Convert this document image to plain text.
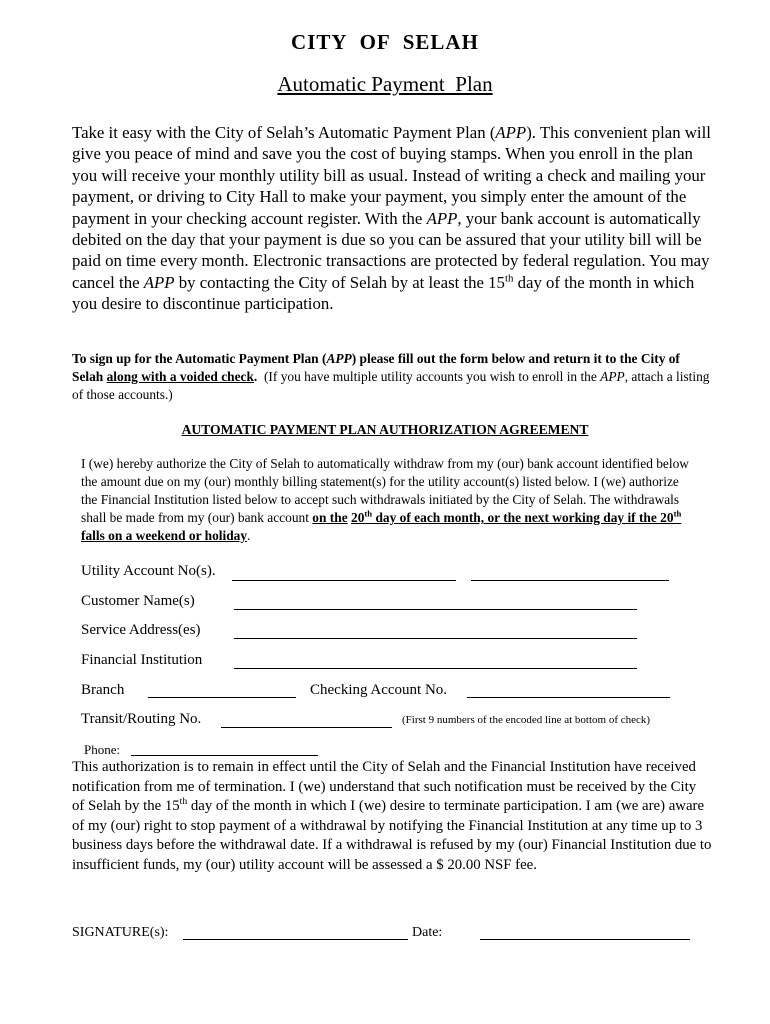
CITY OF SELAH
Automatic Payment  Plan
Take it easy with the City of Selah’s Automatic Payment Plan (APP). This convenient plan will give you peace of mind and save you the cost of buying stamps. When you enroll in the plan you will receive your monthly utility bill as usual. Instead of writing a check and mailing your payment, or driving to City Hall to make your payment, you simply enter the amount of the payment in your checking account register. With the APP, your bank account is automatically debited on the day that your payment is due so you can be assured that your utility bill will be paid on time every month. Electronic transactions are protected by federal regulation. You may cancel the APP by contacting the City of Selah by at least the 15th day of the month in which you desire to discontinue participation.
To sign up for the Automatic Payment Plan (APP) please fill out the form below and return it to the City of Selah along with a voided check.  (If you have multiple utility accounts you wish to enroll in the APP, attach a listing of those accounts.)
AUTOMATIC PAYMENT PLAN AUTHORIZATION AGREEMENT
I (we) hereby authorize the City of Selah to automatically withdraw from my (our) bank account identified below the amount due on my (our) monthly billing statement(s) for the utility account(s) listed below. I (we) authorize the Financial Institution listed below to accept such withdrawals initiated by the City of Selah. The withdrawals shall be made from my (our) bank account on the 20th day of each month, or the next working day if the 20th falls on a weekend or holiday.
Utility Account No(s).
Customer Name(s)
Service Address(es)
Financial Institution
Branch	Checking Account No.
Transit/Routing No.	(First 9 numbers of the encoded line at bottom of check)
Phone:
This authorization is to remain in effect until the City of Selah and the Financial Institution have received notification from me of termination. I (we) understand that such notification must be received by the City of Selah by the 15th day of the month in which I (we) desire to terminate participation. I am (we are) aware of my (our) right to stop payment of a withdrawal by notifying the Financial Institution at any time up to 3 business days before the withdrawal date. If a withdrawal is refused by my (our) Financial Institution due to insufficient funds, my (our) utility account will be assessed a $ 20.00 NSF fee.
SIGNATURE(s):	Date:
